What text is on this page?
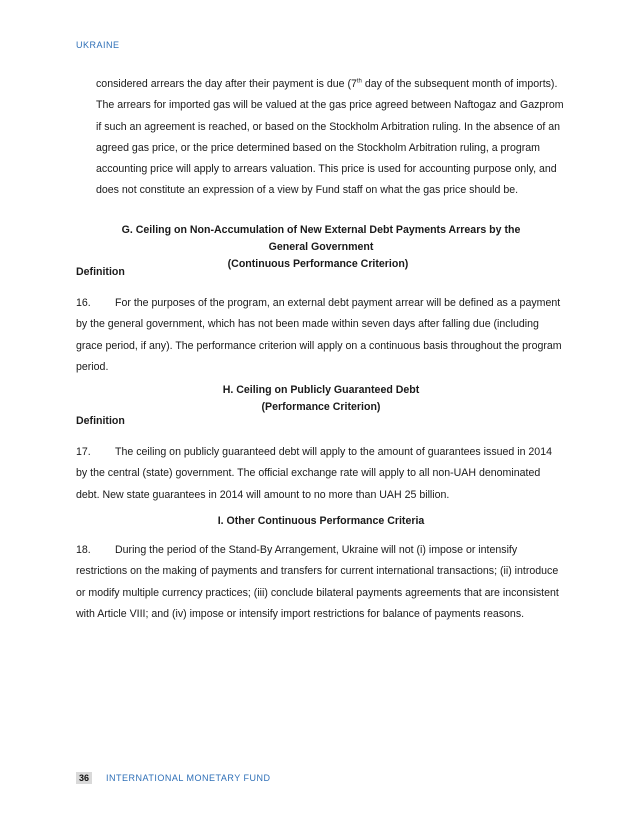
UKRAINE
considered arrears the day after their payment is due (7th day of the subsequent month of imports). The arrears for imported gas will be valued at the gas price agreed between Naftogaz and Gazprom if such an agreement is reached, or based on the Stockholm Arbitration ruling. In the absence of an agreed gas price, or the price determined based on the Stockholm Arbitration ruling, a program accounting price will apply to arrears valuation. This price is used for accounting purpose only, and does not constitute an expression of a view by Fund staff on what the gas price should be.
G. Ceiling on Non-Accumulation of New External Debt Payments Arrears by the
General Government
(Continuous Performance Criterion)
Definition
16. For the purposes of the program, an external debt payment arrear will be defined as a payment by the general government, which has not been made within seven days after falling due (including grace period, if any). The performance criterion will apply on a continuous basis throughout the program period.
H. Ceiling on Publicly Guaranteed Debt
(Performance Criterion)
Definition
17. The ceiling on publicly guaranteed debt will apply to the amount of guarantees issued in 2014 by the central (state) government. The official exchange rate will apply to all non-UAH denominated debt. New state guarantees in 2014 will amount to no more than UAH 25 billion.
I. Other Continuous Performance Criteria
18. During the period of the Stand-By Arrangement, Ukraine will not (i) impose or intensify restrictions on the making of payments and transfers for current international transactions; (ii) introduce or modify multiple currency practices; (iii) conclude bilateral payments agreements that are inconsistent with Article VIII; and (iv) impose or intensify import restrictions for balance of payments reasons.
36	INTERNATIONAL MONETARY FUND
